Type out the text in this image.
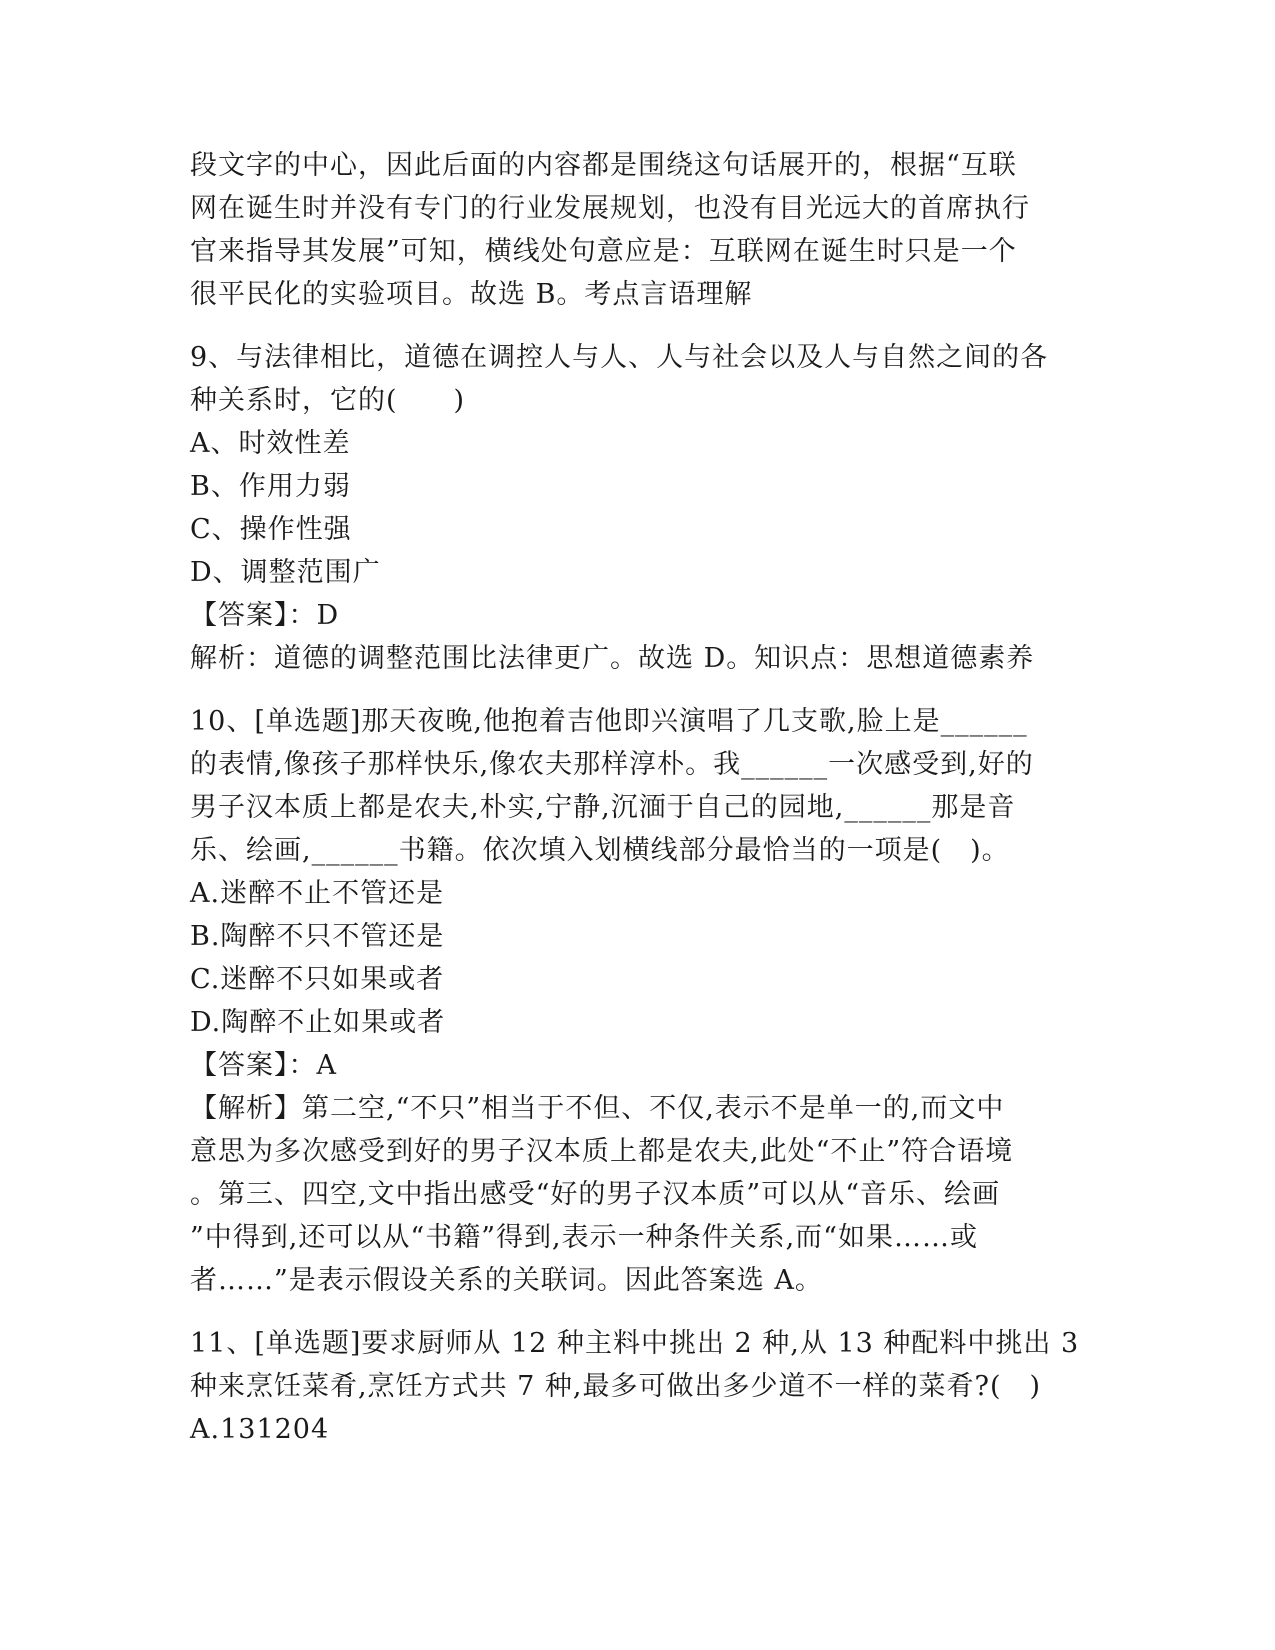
段文字的中心，因此后面的内容都是围绕这句话展开的，根据“互联
网在诞生时并没有专门的行业发展规划，也没有目光远大的首席执行
官来指导其发展”可知，横线处句意应是：互联网在诞生时只是一个
很平民化的实验项目。故选 B。考点言语理解
9、与法律相比，道德在调控人与人、人与社会以及人与自然之间的各
种关系时，它的(　　)
A、时效性差
B、作用力弱
C、操作性强
D、调整范围广
【答案】：D
解析：道德的调整范围比法律更广。故选 D。知识点：思想道德素养
10、[单选题]那天夜晚,他抱着吉他即兴演唱了几支歌,脸上是______
的表情,像孩子那样快乐,像农夫那样淳朴。我______一次感受到,好的
男子汉本质上都是农夫,朴实,宁静,沉湎于自己的园地,______那是音
乐、绘画,______书籍。依次填入划横线部分最恰当的一项是(　)。
A.迷醉不止不管还是
B.陶醉不只不管还是
C.迷醉不只如果或者
D.陶醉不止如果或者
【答案】：A
【解析】第二空,“不只”相当于不但、不仅,表示不是单一的,而文中
意思为多次感受到好的男子汉本质上都是农夫,此处“不止”符合语境
。第三、四空,文中指出感受“好的男子汉本质”可以从“音乐、绘画
”中得到,还可以从“书籍”得到,表示一种条件关系,而“如果……或
者……”是表示假设关系的关联词。因此答案选 A。
11、[单选题]要求厨师从 12 种主料中挑出 2 种,从 13 种配料中挑出 3
种来烹饪菜肴,烹饪方式共 7 种,最多可做出多少道不一样的菜肴?(　)
A.131204
